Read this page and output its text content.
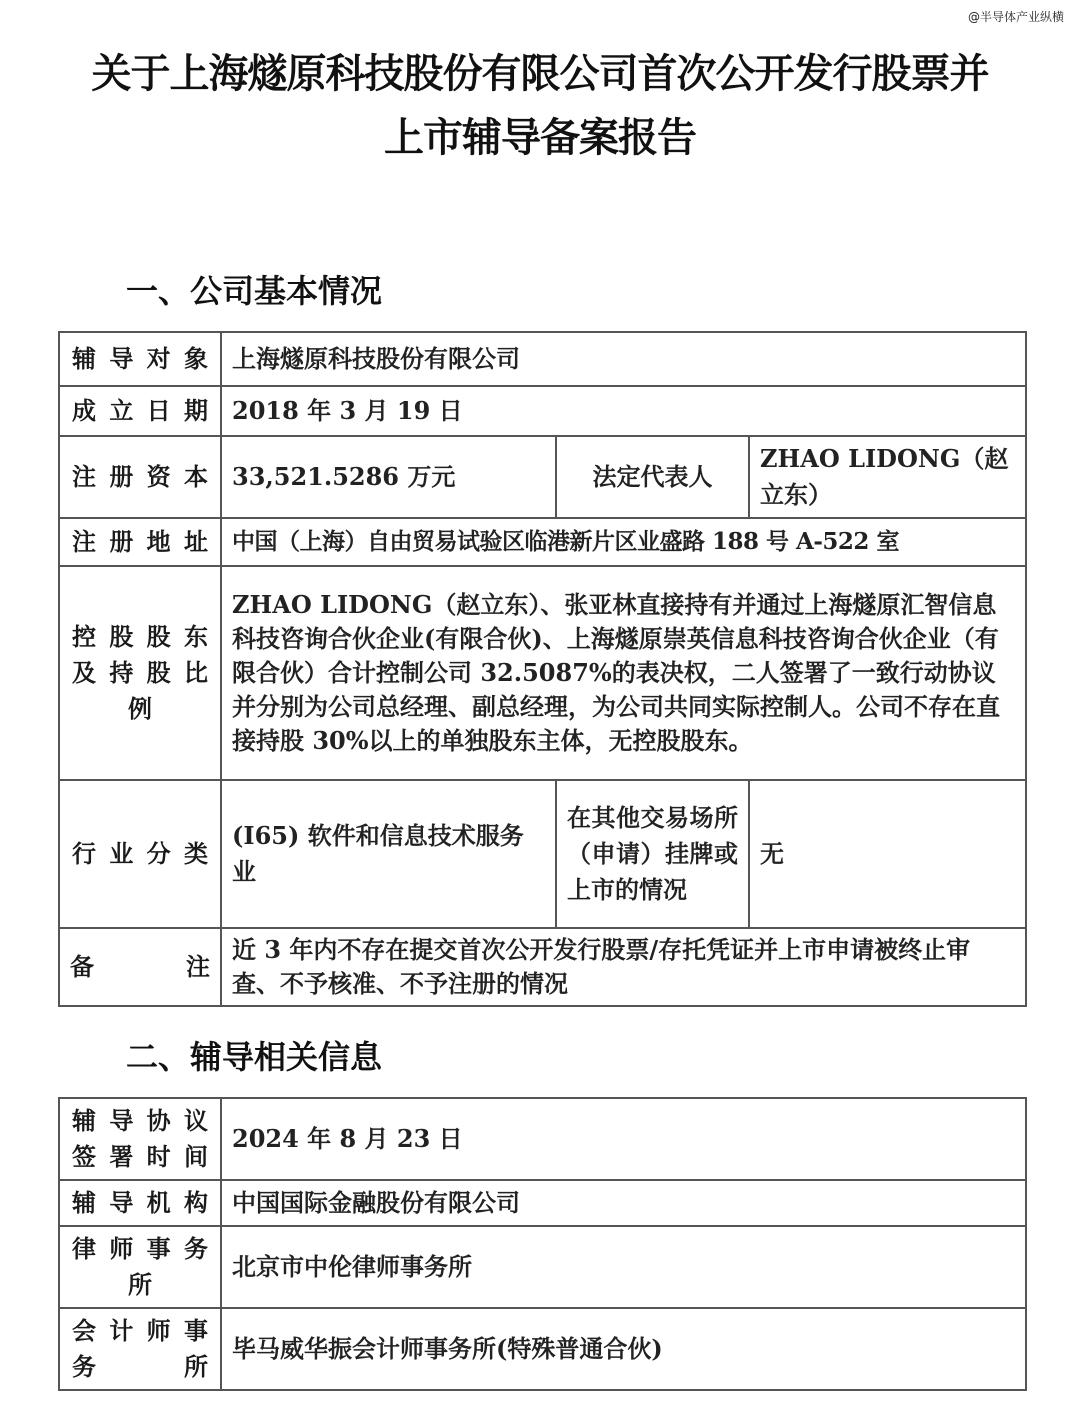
@半导体产业纵横
关于上海燧原科技股份有限公司首次公开发行股票并
上市辅导备案报告
一、公司基本情况
辅导对象	上海燧原科技股份有限公司		
成立日期	2018 年 3 月 19 日		
注册资本	33,521.5286 万元	法定代表人	ZHAO LIDONG（赵立东）
注册地址	中国（上海）自由贸易试验区临港新片区业盛路 188 号 A-522 室		

控股股东
及持股比
例	ZHAO LIDONG（赵立东）、张亚林直接持有并通过上海燧原汇智信息科技咨询合伙企业(有限合伙)、上海燧原崇英信息科技咨询合伙企业（有限合伙）合计控制公司 32.5087%的表决权，二人签署了一致行动协议并分别为公司总经理、副总经理，为公司共同实际控制人。公司不存在直接持股 30%以上的单独股东主体，无控股股东。		
行业分类	(I65) 软件和信息技术服务业	在其他交易场所（申请）挂牌或上市的情况	无

备 注	近 3 年内不存在提交首次公开发行股票/存托凭证并上市申请被终止审查、不予核准、不予注册的情况		
二、辅导相关信息
辅导协议
签署时间	2024 年 8 月 23 日
辅导机构	中国国际金融股份有限公司

律师事务
所	北京市中伦律师事务所

会计师事
务 所	毕马威华振会计师事务所(特殊普通合伙)
